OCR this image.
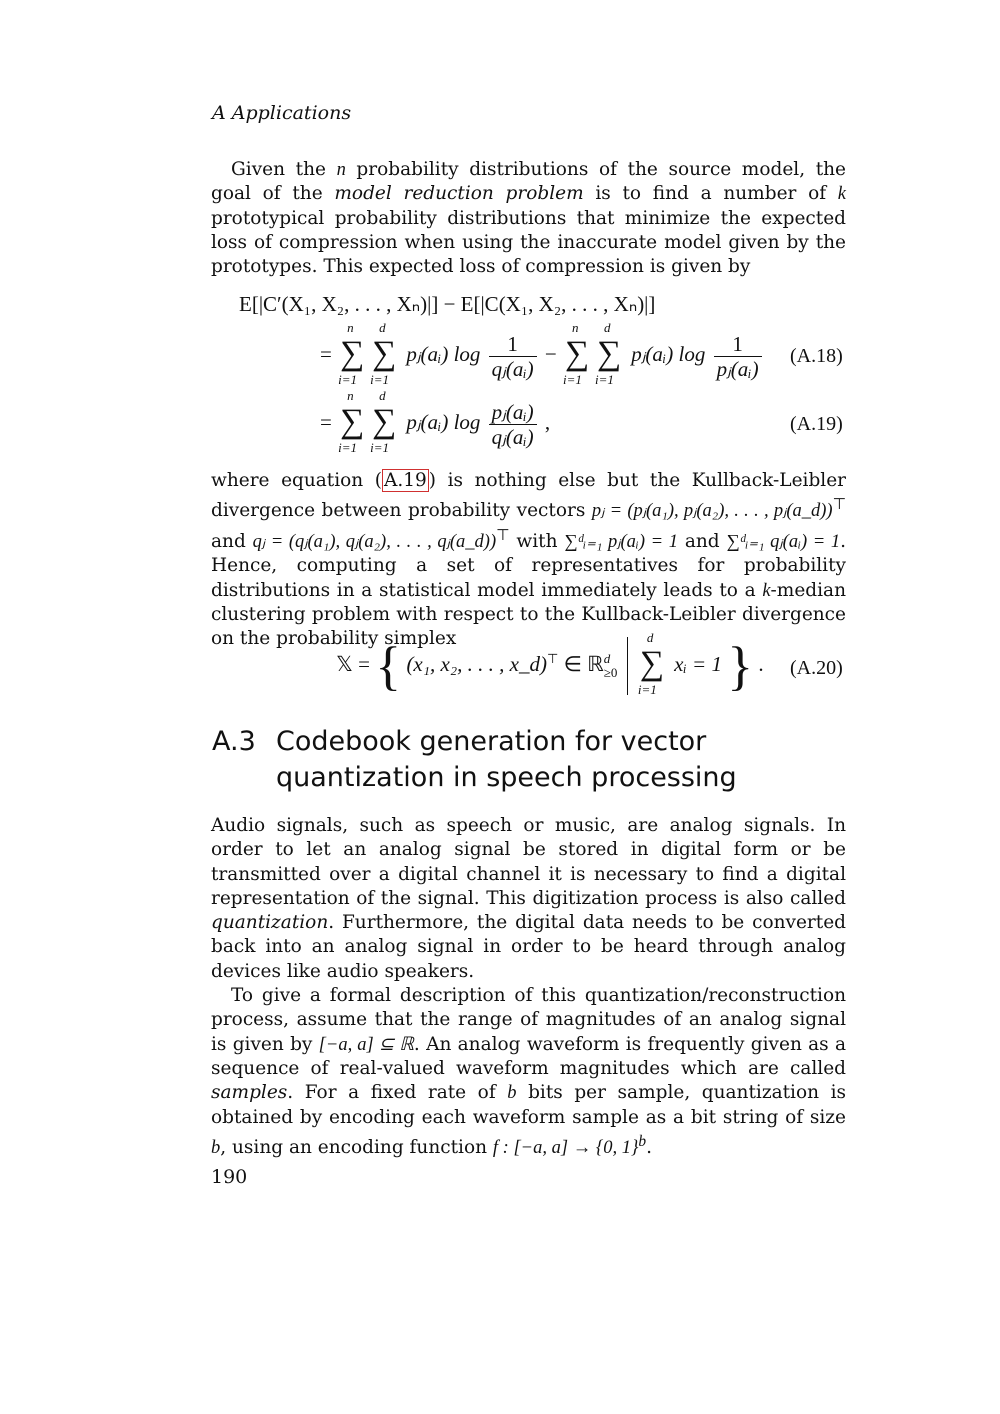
A Applications

Given the n probability distributions of the source model, the goal of the model reduction problem is to find a number of k prototypical probability distributions that minimize the expected loss of compression when using the inaccurate model given by the prototypes. This expected loss of compression is given by

E[|C′(X₁, X₂, . . . , Xₙ)|] − E[|C(X₁, X₂, . . . , Xₙ)|]
=
n
∑
i=1
d
∑
i=1
pⱼ(aᵢ) $\log \frac{1}{\text{qⱼ(aᵢ)}}$ −
n
∑
i=1
d
∑
i=1
pⱼ(aᵢ) $\log \frac{1}{\text{pⱼ(aᵢ)}} (A.18)$
=
n
∑
i=1
d
∑
i=1
pⱼ(aᵢ) $\log \frac{\text{pⱼ(aᵢ)}}{\text{qⱼ(aᵢ)}}$ ,	(A.19)

where equation ( A.19 ) is nothing else but the Kullback-Leibler divergence between probability vectors pⱼ = (pⱼ(a₁), pⱼ(a₂), . . . , pⱼ(a_d))⊤ and qⱼ = (qⱼ(a₁), qⱼ(a₂), . . . , qⱼ(a_d))⊤ with ∑ᵈᵢ₌₁ pⱼ(aᵢ) = 1 and ∑ᵈᵢ₌₁ qⱼ(aᵢ) = 1. Hence, computing a set of representatives for probability distributions in a statistical model immediately leads to a k-median clustering problem with respect to the Kullback-Leibler divergence on the probability simplex

𝕏 = { (x₁, x₂, . . . , x_d)⊤ ∈ ℝ d
≥0

d
∑
i=1
xᵢ = 1 } . (A.20)
A.3 Codebook generation for vector
quantization in speech processing

Audio signals, such as speech or music, are analog signals. In order to let an analog signal be stored in digital form or be transmitted over a digital channel it is necessary to find a digital representation of the signal. This digitization process is also called quantization. Furthermore, the digital data needs to be converted back into an analog signal in order to be heard through analog devices like audio speakers.

To give a formal description of this quantization/reconstruction process, assume that the range of magnitudes of an analog signal is given by [−a, a] ⊆ ℝ. An analog waveform is frequently given as a sequence of real-valued waveform magnitudes which are called samples. For a fixed rate of b bits per sample, quantization is obtained by encoding each waveform sample as a bit string of size b, using an encoding function f : [−a, a] → {0, 1}$^b$.

190
